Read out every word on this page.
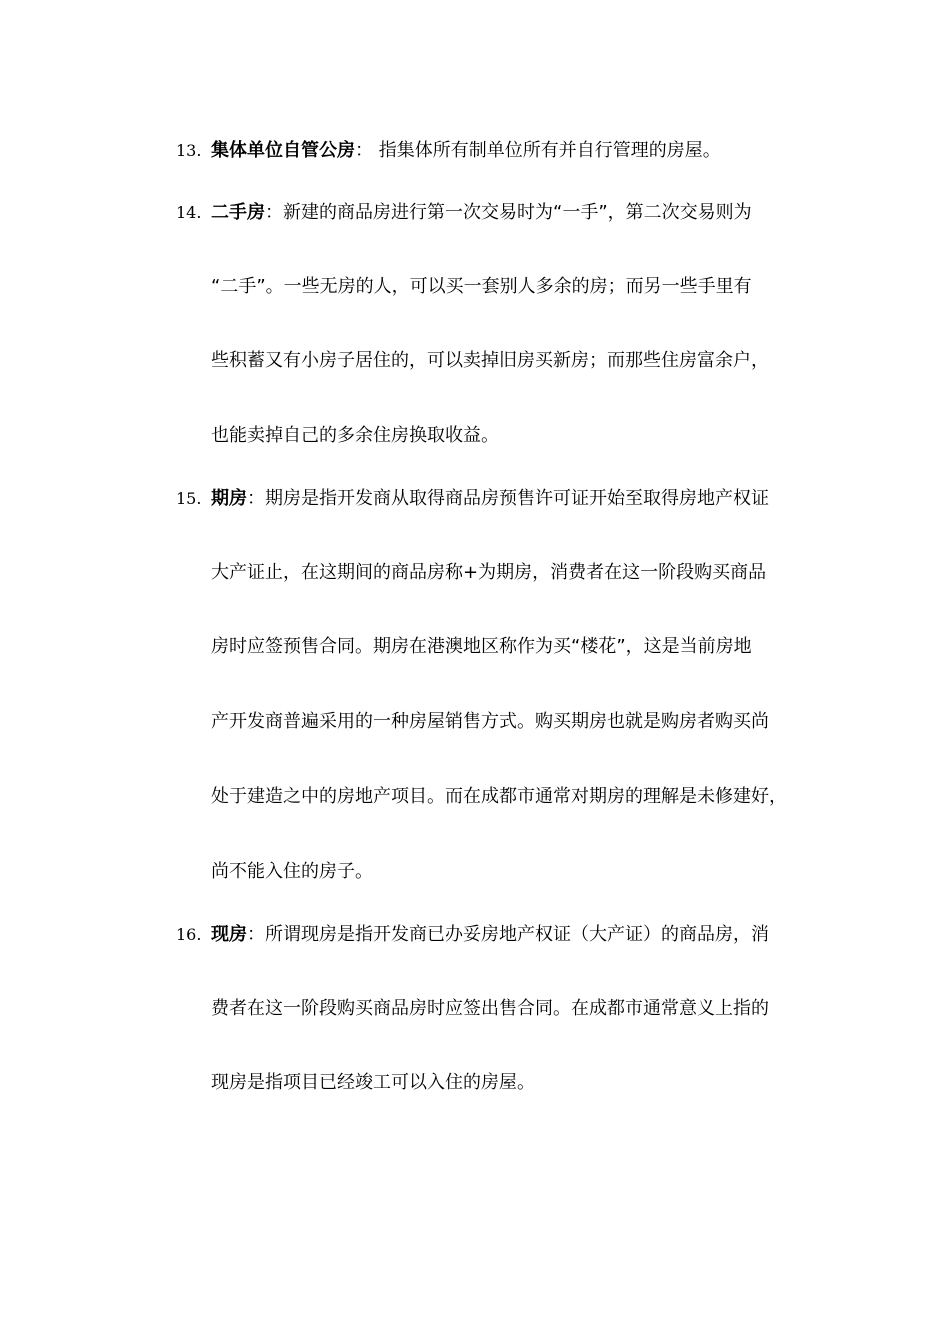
13. 集体单位自管公房： 指集体所有制单位所有并自行管理的房屋。
14. 二手房：新建的商品房进行第一次交易时为“一手”，第二次交易则为
“二手”。一些无房的人，可以买一套别人多余的房；而另一些手里有
些积蓄又有小房子居住的，可以卖掉旧房买新房；而那些住房富余户，
也能卖掉自己的多余住房换取收益。
15. 期房：期房是指开发商从取得商品房预售许可证开始至取得房地产权证
大产证止，在这期间的商品房称+为期房，消费者在这一阶段购买商品
房时应签预售合同。期房在港澳地区称作为买“楼花”，这是当前房地
产开发商普遍采用的一种房屋销售方式。购买期房也就是购房者购买尚
处于建造之中的房地产项目。而在成都市通常对期房的理解是未修建好，
尚不能入住的房子。
16. 现房：所谓现房是指开发商已办妥房地产权证（大产证）的商品房，消
费者在这一阶段购买商品房时应签出售合同。在成都市通常意义上指的
现房是指项目已经竣工可以入住的房屋。
